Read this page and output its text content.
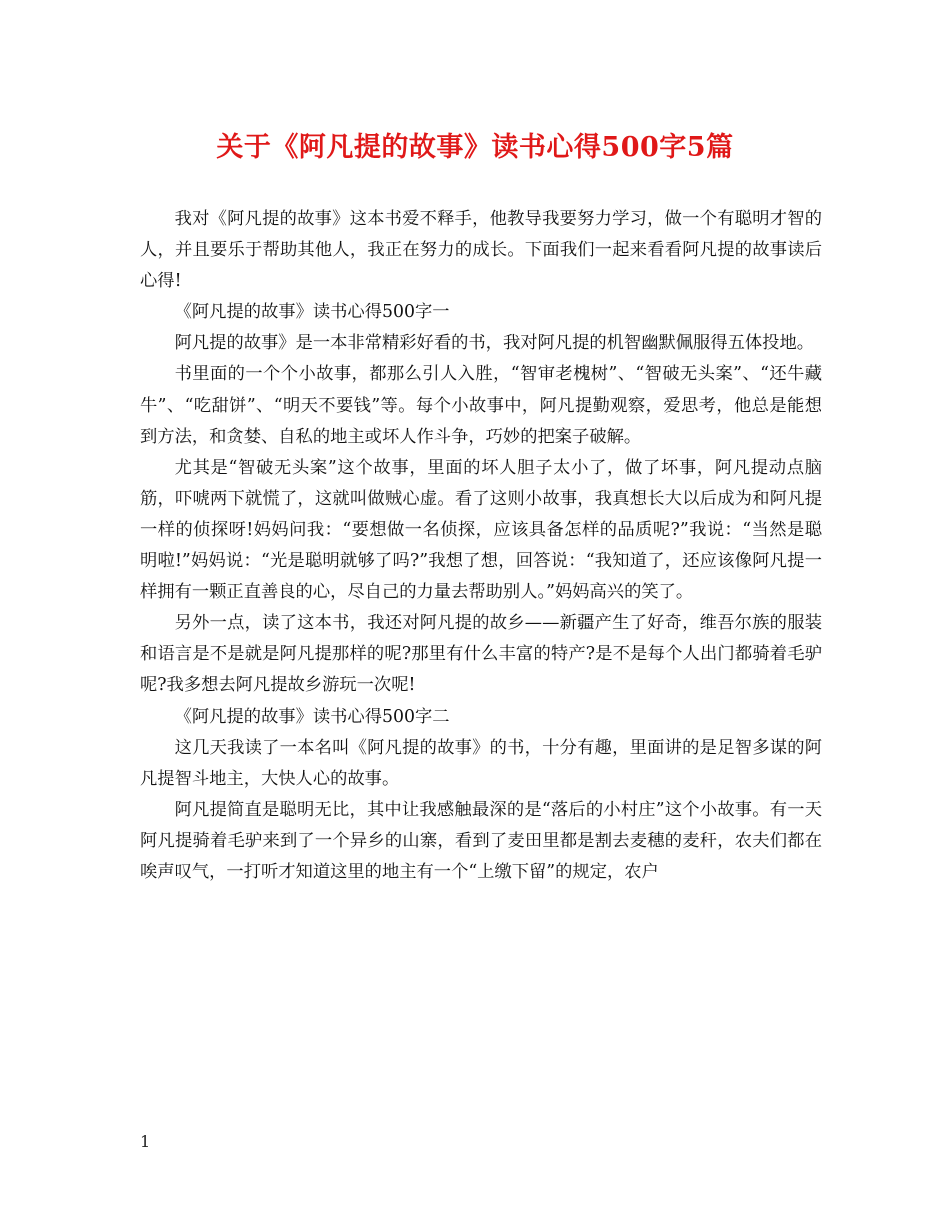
关于《阿凡提的故事》读书心得500字5篇

我对《阿凡提的故事》这本书爱不释手，他教导我要努力学习，做一个有聪明才智的人，并且要乐于帮助其他人，我正在努力的成长。下面我们一起来看看阿凡提的故事读后心得!

《阿凡提的故事》读书心得500字一

阿凡提的故事》是一本非常精彩好看的书，我对阿凡提的机智幽默佩服得五体投地。

书里面的一个个小故事，都那么引人入胜，“智审老槐树”、“智破无头案”、“还牛藏牛”、“吃甜饼”、“明天不要钱”等。每个小故事中，阿凡提勤观察，爱思考，他总是能想到方法，和贪婪、自私的地主或坏人作斗争，巧妙的把案子破解。

尤其是“智破无头案”这个故事，里面的坏人胆子太小了，做了坏事，阿凡提动点脑筋，吓唬两下就慌了，这就叫做贼心虚。看了这则小故事，我真想长大以后成为和阿凡提一样的侦探呀!妈妈问我：“要想做一名侦探，应该具备怎样的品质呢?”我说：“当然是聪明啦!”妈妈说：“光是聪明就够了吗?”我想了想，回答说：“我知道了，还应该像阿凡提一样拥有一颗正直善良的心，尽自己的力量去帮助别人。”妈妈高兴的笑了。

另外一点，读了这本书，我还对阿凡提的故乡——新疆产生了好奇，维吾尔族的服装和语言是不是就是阿凡提那样的呢?那里有什么丰富的特产?是不是每个人出门都骑着毛驴呢?我多想去阿凡提故乡游玩一次呢!

《阿凡提的故事》读书心得500字二

这几天我读了一本名叫《阿凡提的故事》的书，十分有趣，里面讲的是足智多谋的阿凡提智斗地主，大快人心的故事。

阿凡提简直是聪明无比，其中让我感触最深的是“落后的小村庄”这个小故事。有一天阿凡提骑着毛驴来到了一个异乡的山寨，看到了麦田里都是割去麦穗的麦秆，农夫们都在唉声叹气，一打听才知道这里的地主有一个“上缴下留”的规定，农户

1
